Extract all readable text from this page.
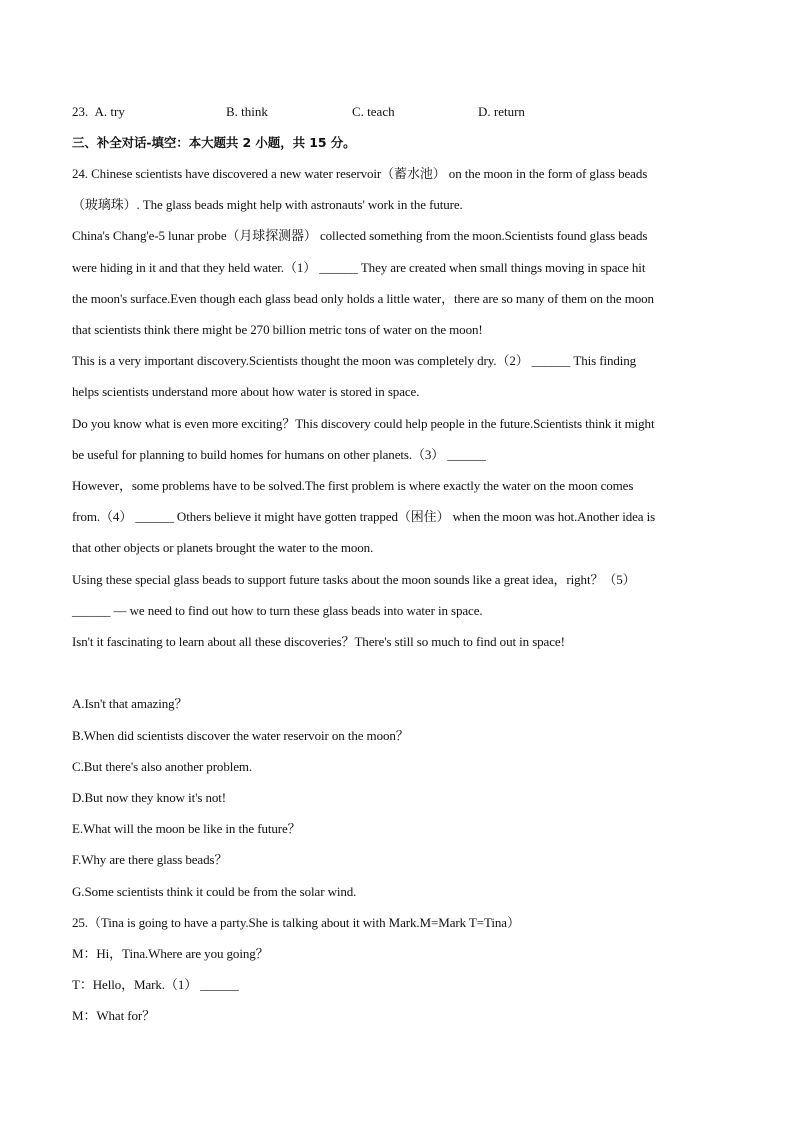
23. A. try	B. think	C. teach	D. return
三、补全对话-填空：本大题共 2 小题，共 15 分。
24. Chinese scientists have discovered a new water reservoir（蓄水池） on the moon in the form of glass beads
（玻璃珠）. The glass beads might help with astronauts' work in the future.
China's Chang'e-5 lunar probe（月球探测器） collected something from the moon.Scientists found glass beads
were hiding in it and that they held water.（1） ______ They are created when small things moving in space hit
the moon's surface.Even though each glass bead only holds a little water，there are so many of them on the moon
that scientists think there might be 270 billion metric tons of water on the moon!
This is a very important discovery.Scientists thought the moon was completely dry.（2） ______ This finding
helps scientists understand more about how water is stored in space.
Do you know what is even more exciting？This discovery could help people in the future.Scientists think it might
be useful for planning to build homes for humans on other planets.（3） ______
However，some problems have to be solved.The first problem is where exactly the water on the moon comes
from.（4） ______ Others believe it might have gotten trapped（困住） when the moon was hot.Another idea is
that other objects or planets brought the water to the moon.
Using these special glass beads to support future tasks about the moon sounds like a great idea，right？（5）
______ — we need to find out how to turn these glass beads into water in space.
Isn't it fascinating to learn about all these discoveries？There's still so much to find out in space!
A.Isn't that amazing？
B.When did scientists discover the water reservoir on the moon？
C.But there's also another problem.
D.But now they know it's not!
E.What will the moon be like in the future？
F.Why are there glass beads？
G.Some scientists think it could be from the solar wind.
25.（Tina is going to have a party.She is talking about it with Mark.M=Mark T=Tina）
M：Hi，Tina.Where are you going？
T：Hello，Mark.（1） ______
M：What for？
